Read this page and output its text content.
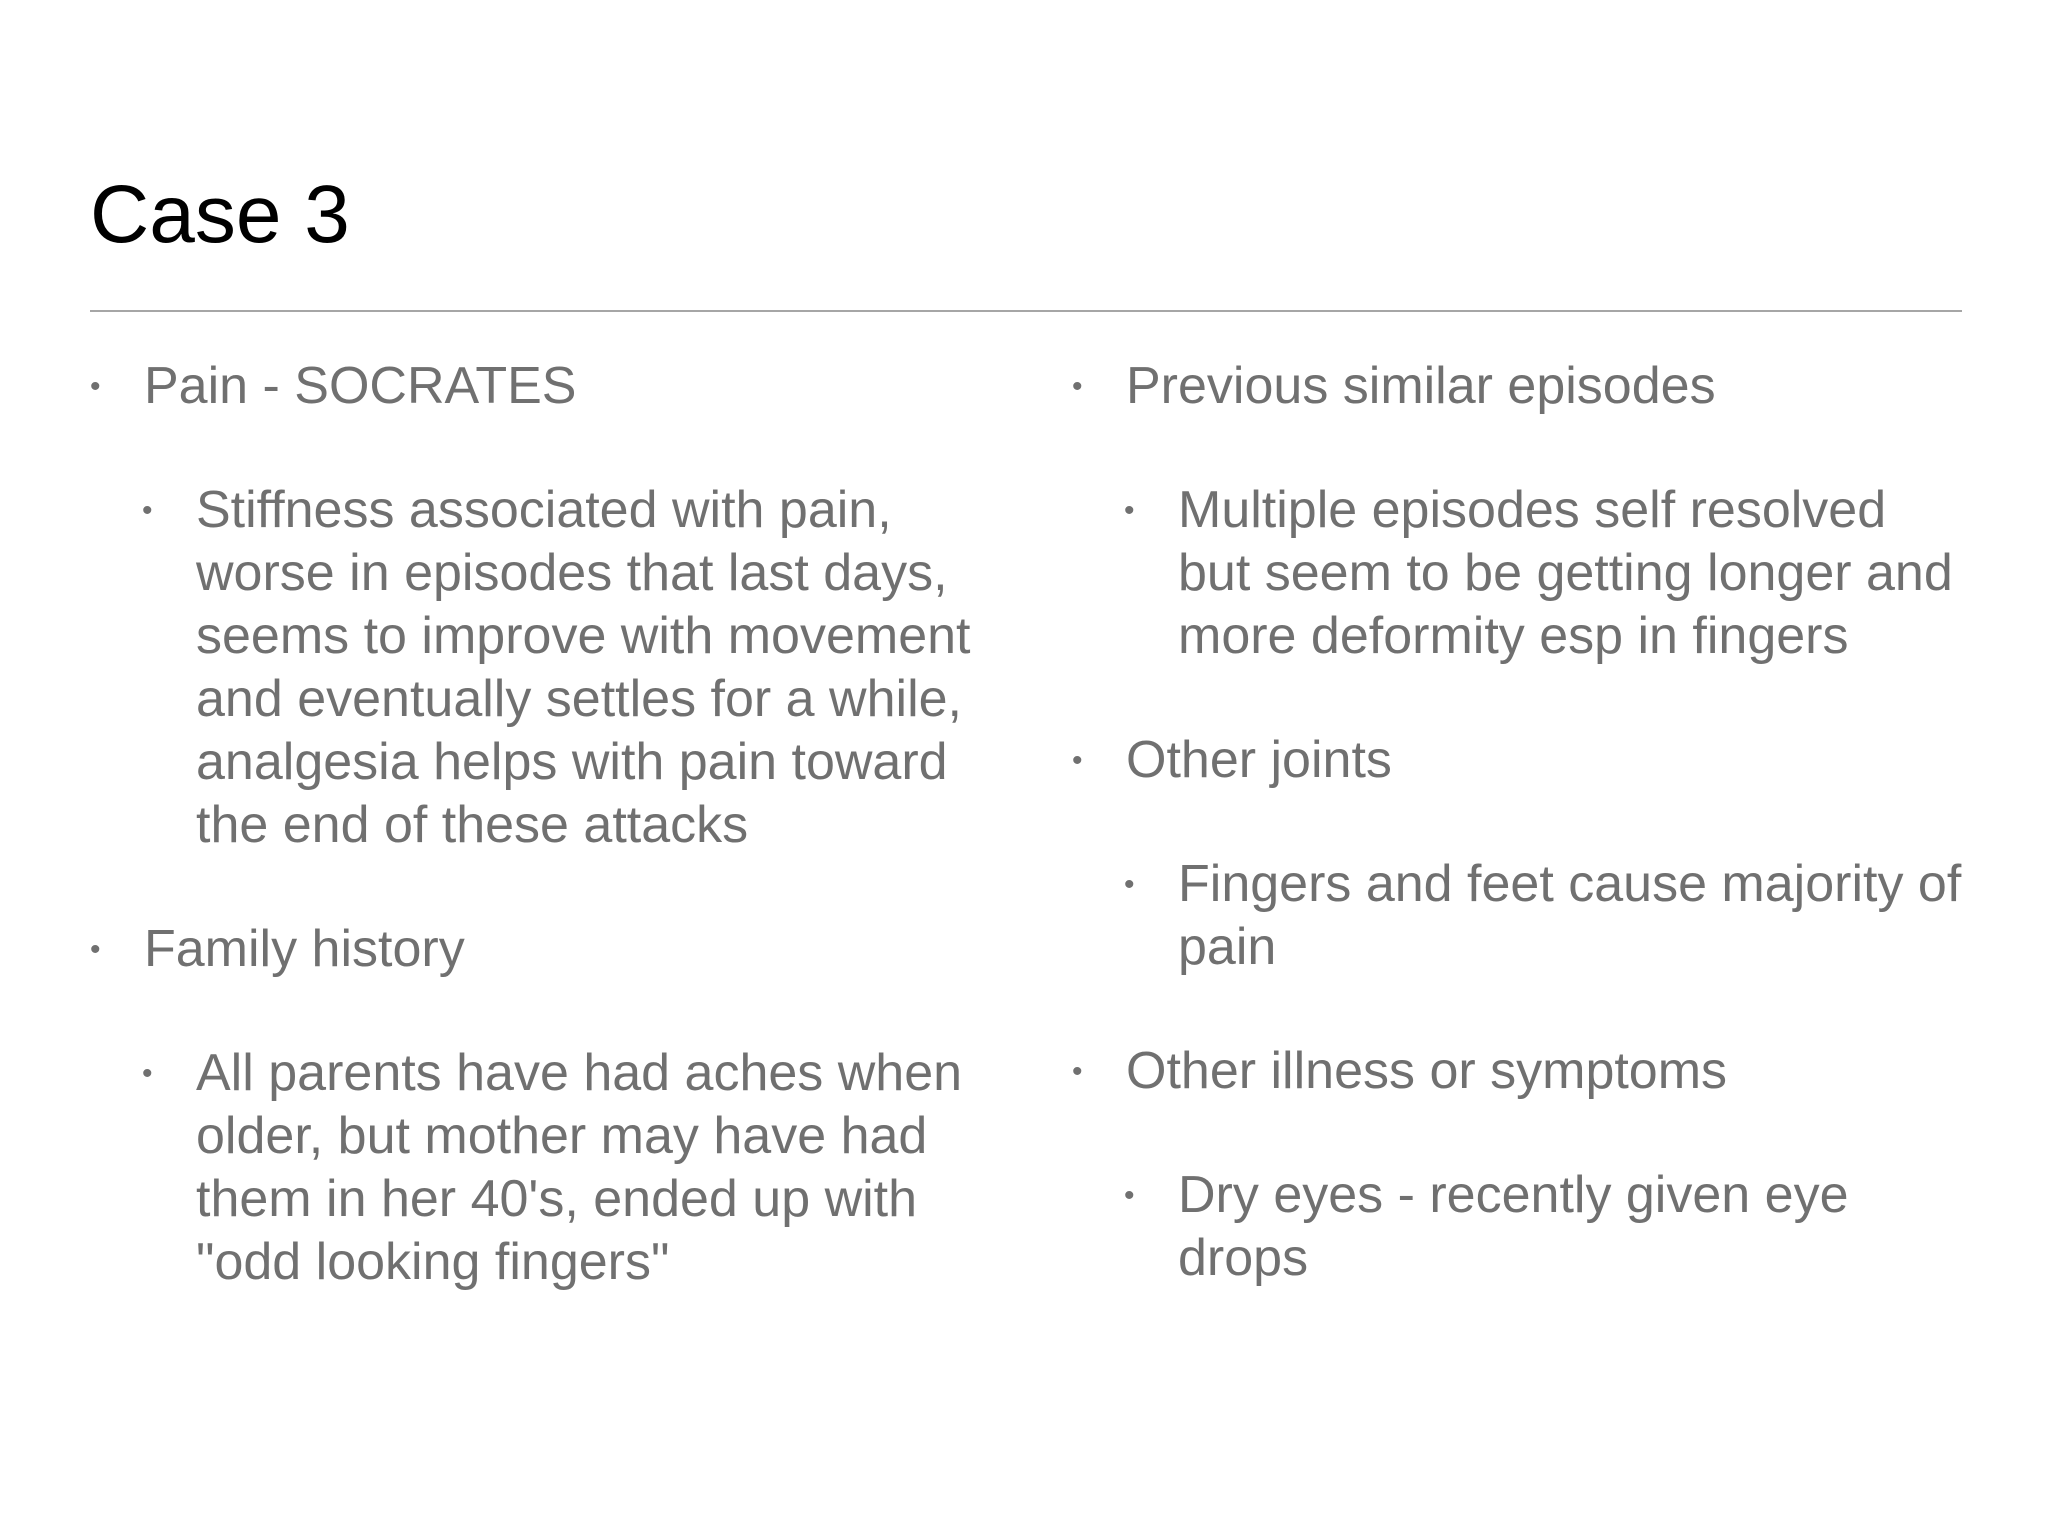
Case 3
• Pain - SOCRATES
• Stiffness associated with pain, worse in episodes that last days, seems to improve with movement and eventually settles for a while, analgesia helps with pain toward the end of these attacks
• Family history
• All parents have had aches when older, but mother may have had them in her 40's, ended up with "odd looking fingers"
• Previous similar episodes
• Multiple episodes self resolved but seem to be getting longer and more deformity esp in fingers
• Other joints
• Fingers and feet cause majority of pain
• Other illness or symptoms
• Dry eyes - recently given eye drops
